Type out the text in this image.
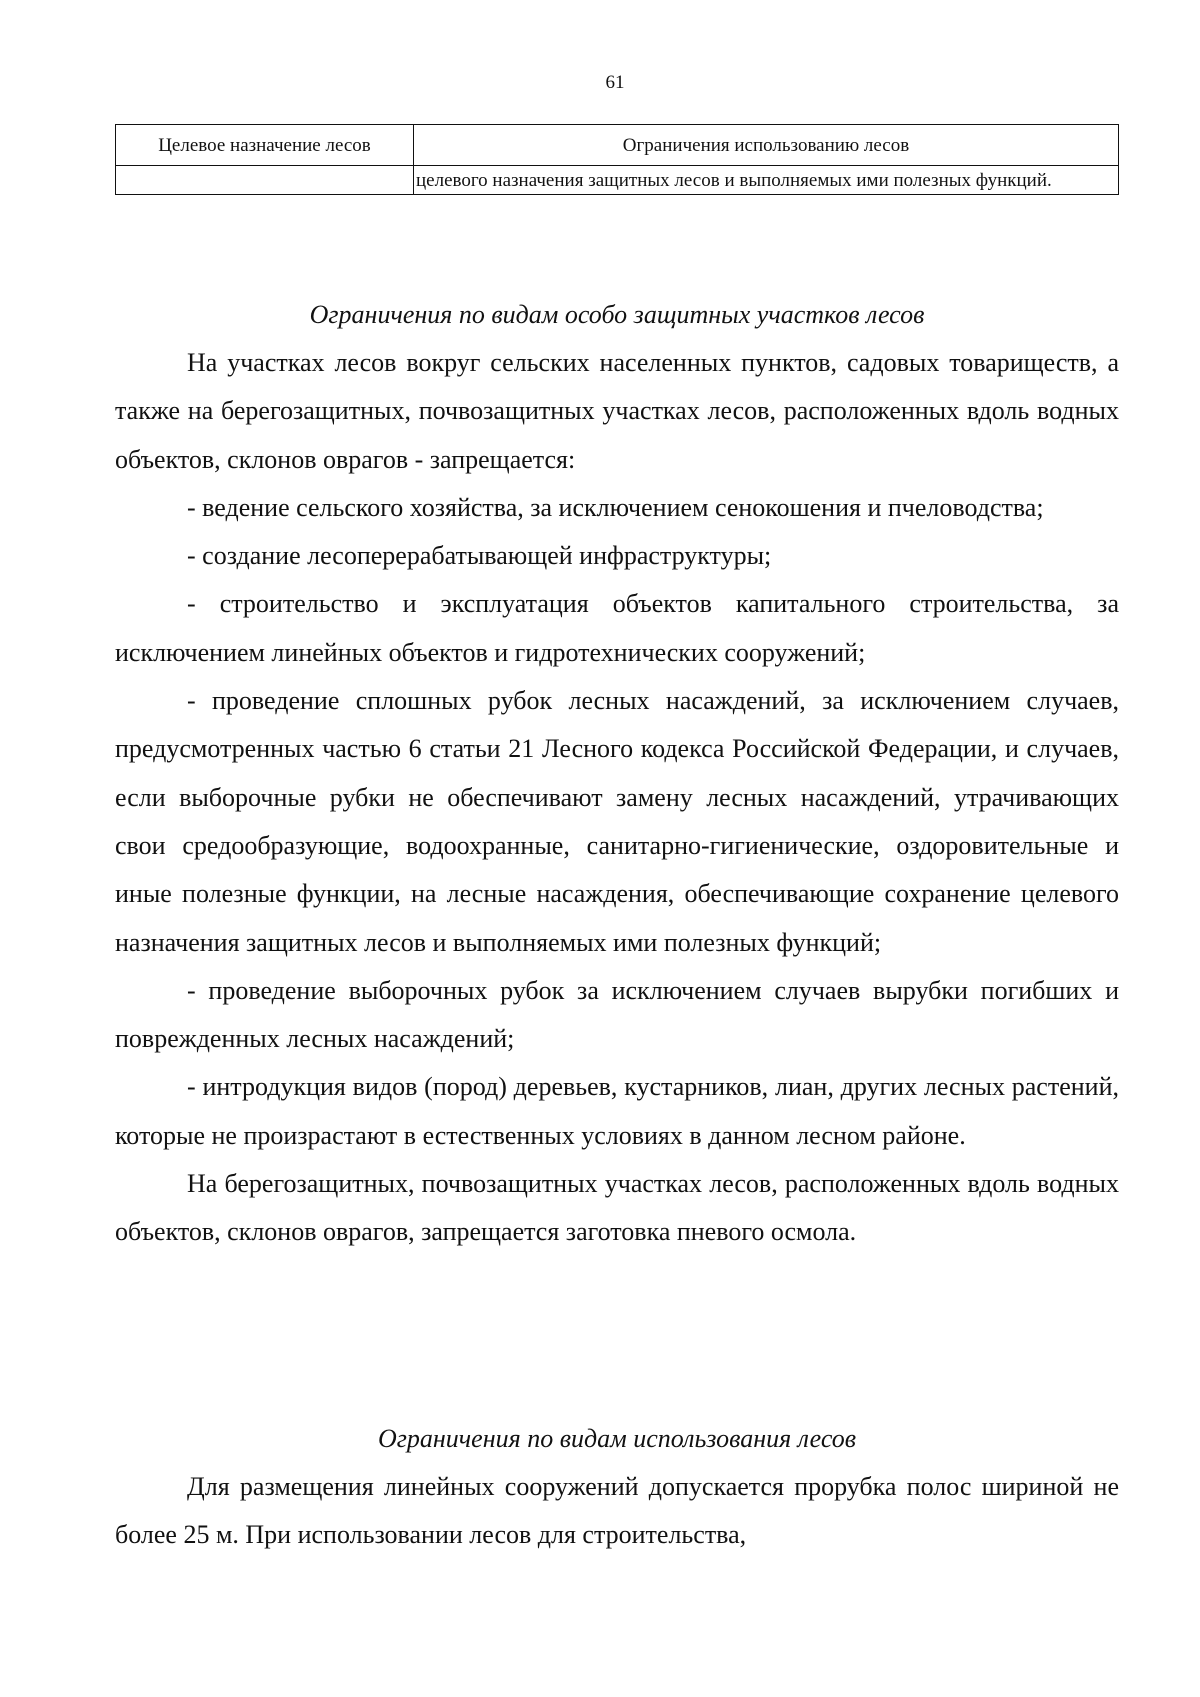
61
Целевое назначение лесов	Ограничения использованию лесов
	целевого назначения защитных лесов и выполняемых ими полезных функций.
Ограничения по видам особо защитных участков лесов

На участках лесов вокруг сельских населенных пунктов, садовых товариществ, а также на берегозащитных, почвозащитных участках лесов, расположенных вдоль водных объектов, склонов оврагов - запрещается:

- ведение сельского хозяйства, за исключением сенокошения и пчеловодства;

- создание лесоперерабатывающей инфраструктуры;

- строительство и эксплуатация объектов капитального строительства, за исключением линейных объектов и гидротехнических сооружений;

- проведение сплошных рубок лесных насаждений, за исключением случаев, предусмотренных частью 6 статьи 21 Лесного кодекса Российской Федерации, и случаев, если выборочные рубки не обеспечивают замену лесных насаждений, утрачивающих свои средообразующие, водоохранные, санитарно-гигиенические, оздоровительные и иные полезные функции, на лесные насаждения, обеспечивающие сохранение целевого назначения защитных лесов и выполняемых ими полезных функций;

- проведение выборочных рубок за исключением случаев вырубки погибших и поврежденных лесных насаждений;

- интродукция видов (пород) деревьев, кустарников, лиан, других лесных растений, которые не произрастают в естественных условиях в данном лесном районе.

На берегозащитных, почвозащитных участках лесов, расположенных вдоль водных объектов, склонов оврагов, запрещается заготовка пневого осмола.

Ограничения по видам использования лесов

Для размещения линейных сооружений допускается прорубка полос шириной не более 25 м. При использовании лесов для строительства,
